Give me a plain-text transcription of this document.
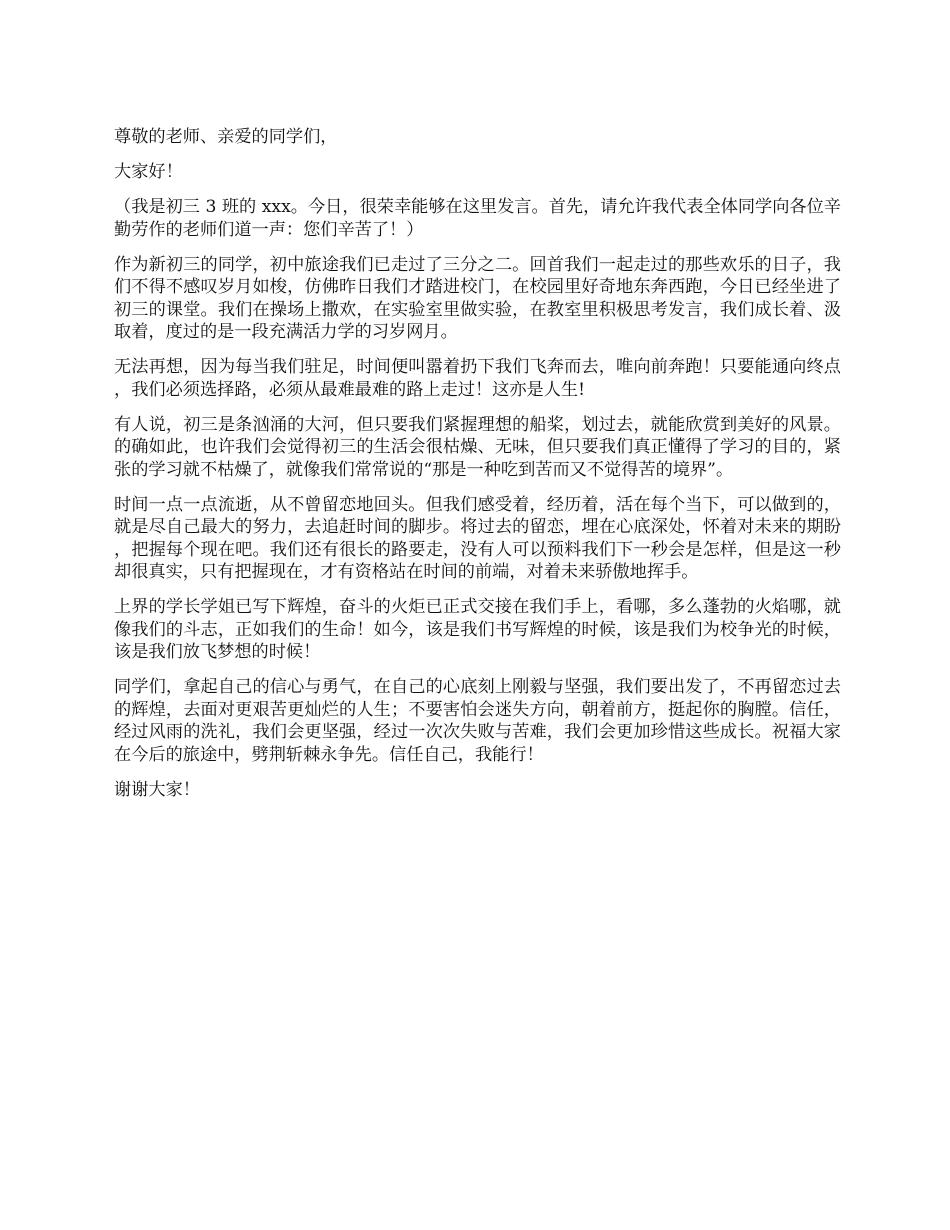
尊敬的老师、亲爱的同学们，

大家好！

（我是初三 3 班的 xxx。今日，很荣幸能够在这里发言。首先，请允许我代表全体同学向各位辛勤劳作的老师们道一声：您们辛苦了！）

作为新初三的同学，初中旅途我们已走过了三分之二。回首我们一起走过的那些欢乐的日子，我们不得不感叹岁月如梭，仿佛昨日我们才踏进校门，在校园里好奇地东奔西跑，今日已经坐进了初三的课堂。我们在操场上撒欢，在实验室里做实验，在教室里积极思考发言，我们成长着、汲取着，度过的是一段充满活力学的习岁网月。

无法再想，因为每当我们驻足，时间便叫嚣着扔下我们飞奔而去，唯向前奔跑！只要能通向终点，我们必须选择路，必须从最难最难的路上走过！这亦是人生!

有人说，初三是条汹涌的大河，但只要我们紧握理想的船桨，划过去，就能欣赏到美好的风景。的确如此，也许我们会觉得初三的生活会很枯燥、无味，但只要我们真正懂得了学习的目的，紧张的学习就不枯燥了，就像我们常常说的“那是一种吃到苦而又不觉得苦的境界”。

时间一点一点流逝，从不曾留恋地回头。但我们感受着，经历着，活在每个当下，可以做到的，就是尽自己最大的努力，去追赶时间的脚步。将过去的留恋，埋在心底深处，怀着对未来的期盼，把握每个现在吧。我们还有很长的路要走，没有人可以预料我们下一秒会是怎样，但是这一秒却很真实，只有把握现在，才有资格站在时间的前端，对着未来骄傲地挥手。

上界的学长学姐已写下辉煌，奋斗的火炬已正式交接在我们手上，看哪，多么蓬勃的火焰哪，就像我们的斗志，正如我们的生命！如今，该是我们书写辉煌的时候，该是我们为校争光的时候，该是我们放飞梦想的时候！

同学们，拿起自己的信心与勇气，在自己的心底刻上刚毅与坚强，我们要出发了，不再留恋过去的辉煌，去面对更艰苦更灿烂的人生；不要害怕会迷失方向，朝着前方，挺起你的胸膛。信任，经过风雨的洗礼，我们会更坚强，经过一次次失败与苦难，我们会更加珍惜这些成长。祝福大家在今后的旅途中，劈荆斩棘永争先。信任自己，我能行！

谢谢大家！
